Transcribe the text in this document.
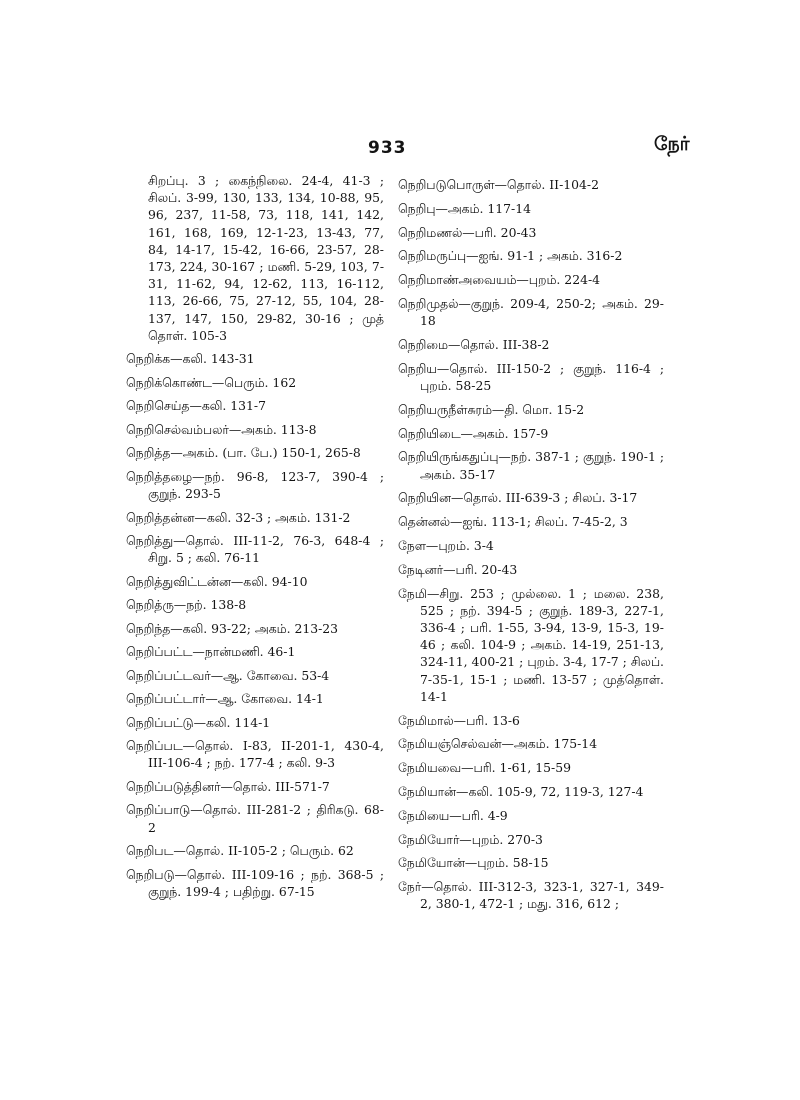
933	நேர்

சிறப்பு. 3 ; கைந்நிலை. 24-4, 41-3 ; சிலப். 3-99, 130, 133, 134, 10-88, 95, 96, 237, 11-58, 73, 118, 141, 142, 161, 168, 169, 12-1-23, 13-43, 77, 84, 14-17, 15-42, 16-66, 23-57, 28-173, 224, 30-167 ; மணி. 5-29, 103, 7-31, 11-62, 94, 12-62, 113, 16-112, 113, 26-66, 75, 27-12, 55, 104, 28-137, 147, 150, 29-82, 30-16 ; முத் தொள். 105-3

நெறிக்க—கலி. 143-31

நெறிக்கொண்ட—பெரும். 162

நெறிசெய்த—கலி. 131-7

நெறிசெல்வம்பலர்—அகம். 113-8

நெறித்த—அகம். (பா. பே.) 150-1, 265-8

நெறித்தழை—நற். 96-8, 123-7, 390-4 ; குறுந். 293-5

நெறித்தன்ன—கலி. 32-3 ; அகம். 131-2

நெறித்து—தொல். III-11-2, 76-3, 648-4 ; சிறு. 5 ; கலி. 76-11

நெறித்துவிட்டன்ன—கலி. 94-10

நெறித்ரு—நற். 138-8

நெறிந்த—கலி. 93-22; அகம். 213-23

நெறிப்பட்ட—நான்மணி. 46-1

நெறிப்பட்டவர்—ஆ. கோவை. 53-4

நெறிப்பட்டார்—ஆ. கோவை. 14-1

நெறிப்பட்டு—கலி. 114-1

நெறிப்பட—தொல். I-83, II-201-1, 430-4, III-106-4 ; நற். 177-4 ; கலி. 9-3

நெறிப்படுத்தினர்—தொல். III-571-7

நெறிப்பாடு—தொல். III-281-2 ; திரிகடு. 68-2

நெறிபட—தொல். II-105-2 ; பெரும். 62

நெறிபடு—தொல். III-109-16 ; நற். 368-5 ; குறுந். 199-4 ; பதிற்று. 67-15

நெறிபடுபொருள்—தொல். II-104-2

நெறிபு—அகம். 117-14

நெறிமணல்—பரி. 20-43

நெறிமருப்பு—ஐங். 91-1 ; அகம். 316-2

நெறிமாண்அவையம்—புறம். 224-4

நெறிமுதல்—குறுந். 209-4, 250-2; அகம். 29-18

நெறிமை—தொல். III-38-2

நெறிய—தொல். III-150-2 ; குறுந். 116-4 ; புறம். 58-25

நெறியருநீள்சுரம்—தி. மொ. 15-2

நெறியிடை—அகம். 157-9

நெறியிருங்கதுப்பு—நற். 387-1 ; குறுந். 190-1 ; அகம். 35-17

நெறியின—தொல். III-639-3 ; சிலப். 3-17

தென்னல்—ஐங். 113-1; சிலப். 7-45-2, 3

நேள—புறம். 3-4

நேடினர்—பரி. 20-43

நேமி—சிறு. 253 ; முல்லை. 1 ; மலை. 238, 525 ; நற். 394-5 ; குறுந். 189-3, 227-1, 336-4 ; பரி. 1-55, 3-94, 13-9, 15-3, 19-46 ; கலி. 104-9 ; அகம். 14-19, 251-13, 324-11, 400-21 ; புறம். 3-4, 17-7 ; சிலப். 7-35-1, 15-1 ; மணி. 13-57 ; முத்தொள். 14-1

நேமிமால்—பரி. 13-6

நேமியஞ்செல்வன்—அகம். 175-14

நேமியவை—பரி. 1-61, 15-59

நேமியான்—கலி. 105-9, 72, 119-3, 127-4

நேமியை—பரி. 4-9

நேமியோர்—புறம். 270-3

நேமியோன்—புறம். 58-15

நேர்—தொல். III-312-3, 323-1, 327-1, 349-2, 380-1, 472-1 ; மது. 316, 612 ;
